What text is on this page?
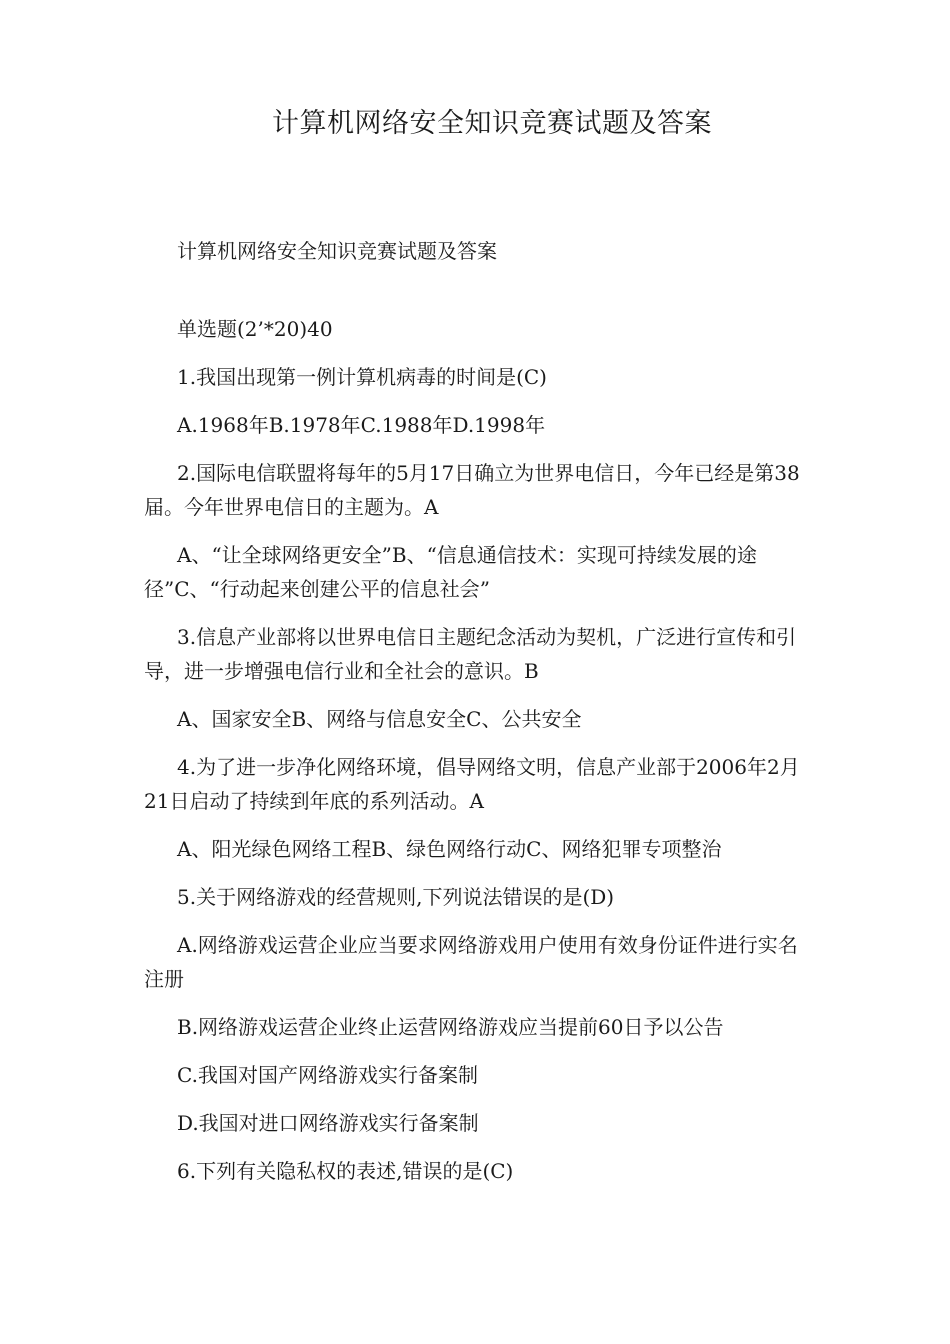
计算机网络安全知识竞赛试题及答案

计算机网络安全知识竞赛试题及答案

单选题(2’*20)40

1.我国出现第一例计算机病毒的时间是(C)

A.1968年B.1978年C.1988年D.1998年

2.国际电信联盟将每年的5月17日确立为世界电信日，今年已经是第38届。今年世界电信日的主题为。A

A、“让全球网络更安全”B、“信息通信技术：实现可持续发展的途径”C、“行动起来创建公平的信息社会”

3.信息产业部将以世界电信日主题纪念活动为契机，广泛进行宣传和引导，进一步增强电信行业和全社会的意识。B

A、国家安全B、网络与信息安全C、公共安全

4.为了进一步净化网络环境，倡导网络文明，信息产业部于2006年2月21日启动了持续到年底的系列活动。A

A、阳光绿色网络工程B、绿色网络行动C、网络犯罪专项整治

5.关于网络游戏的经营规则,下列说法错误的是(D)

A.网络游戏运营企业应当要求网络游戏用户使用有效身份证件进行实名注册

B.网络游戏运营企业终止运营网络游戏应当提前60日予以公告

C.我国对国产网络游戏实行备案制

D.我国对进口网络游戏实行备案制

6.下列有关隐私权的表述,错误的是(C)
